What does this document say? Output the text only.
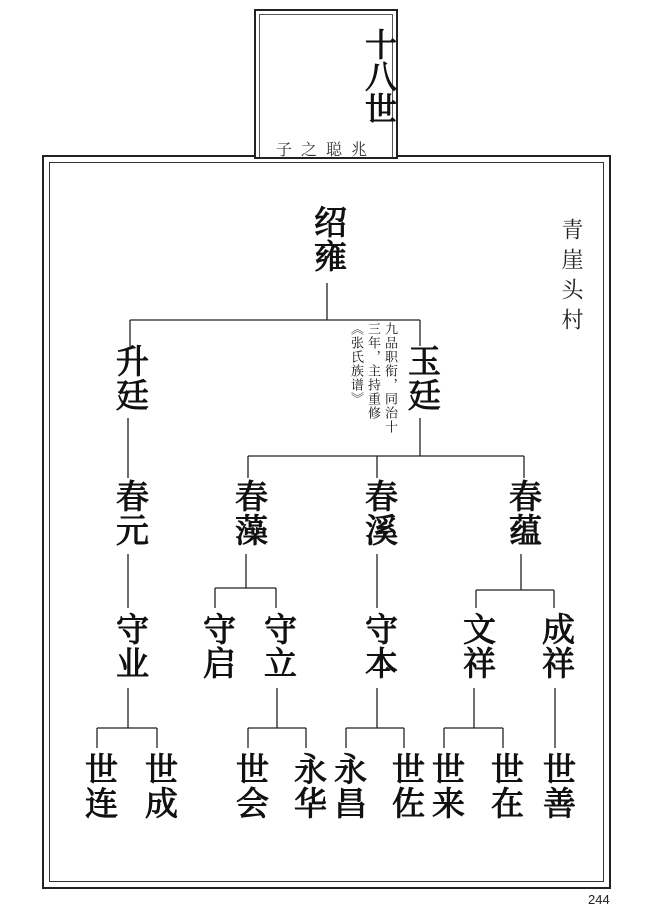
十八世
子之聪兆
青崖头村
绍雍
升廷	玉廷
九品职衔，同治十三年，主持重修《张氏族谱》
春元 春藻	春溪	春蕴
守业 守启 守立 守本 文祥 成祥
世连 世成 世会 永华 永昌 世佐 世来 世在 世善
244
